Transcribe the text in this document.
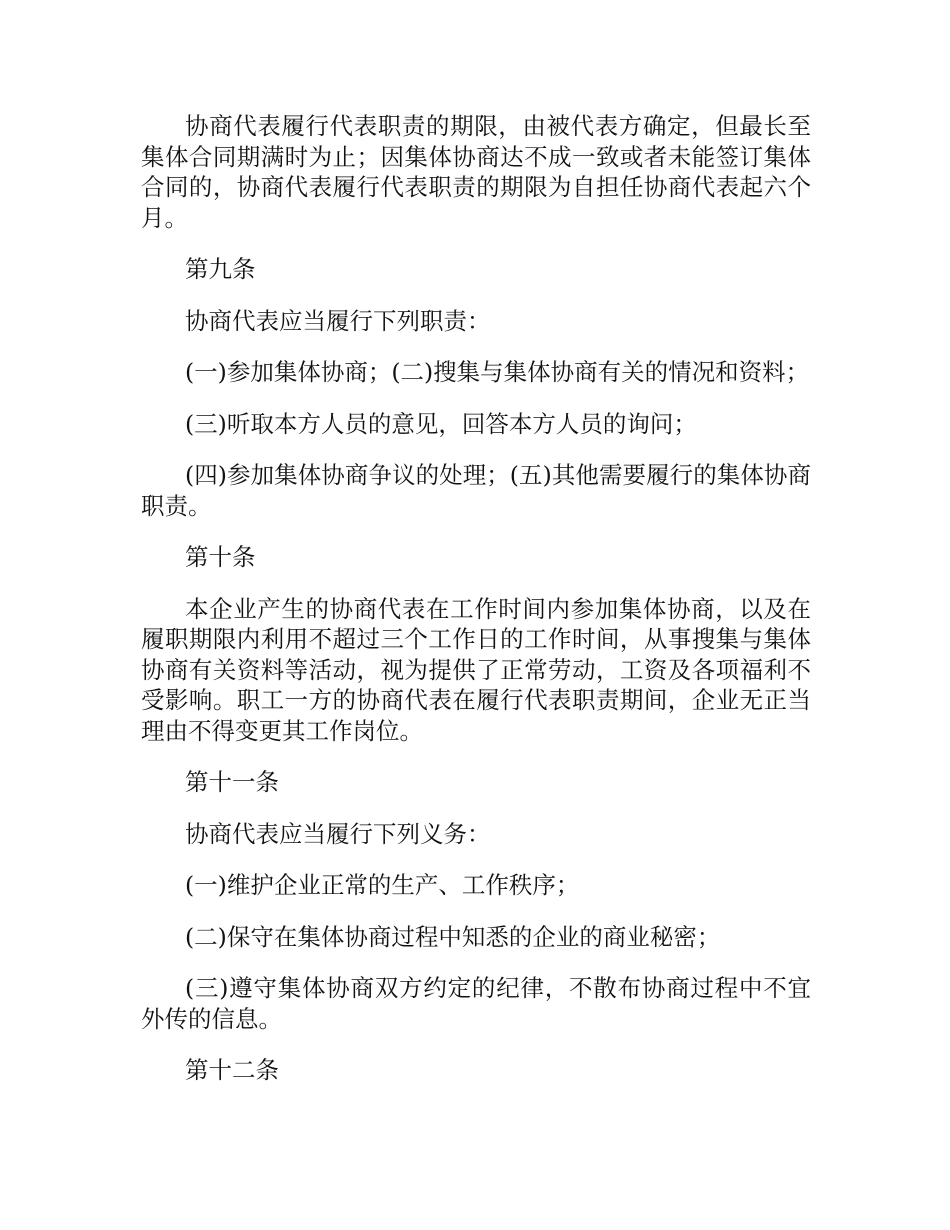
协商代表履行代表职责的期限，由被代表方确定，但最长至集体合同期满时为止；因集体协商达不成一致或者未能签订集体合同的，协商代表履行代表职责的期限为自担任协商代表起六个月。

第九条

协商代表应当履行下列职责：

(一)参加集体协商；(二)搜集与集体协商有关的情况和资料；

(三)听取本方人员的意见，回答本方人员的询问；

(四)参加集体协商争议的处理；(五)其他需要履行的集体协商职责。

第十条

本企业产生的协商代表在工作时间内参加集体协商，以及在履职期限内利用不超过三个工作日的工作时间，从事搜集与集体协商有关资料等活动，视为提供了正常劳动，工资及各项福利不受影响。职工一方的协商代表在履行代表职责期间，企业无正当理由不得变更其工作岗位。

第十一条

协商代表应当履行下列义务：

(一)维护企业正常的生产、工作秩序；

(二)保守在集体协商过程中知悉的企业的商业秘密；

(三)遵守集体协商双方约定的纪律，不散布协商过程中不宜外传的信息。

第十二条
